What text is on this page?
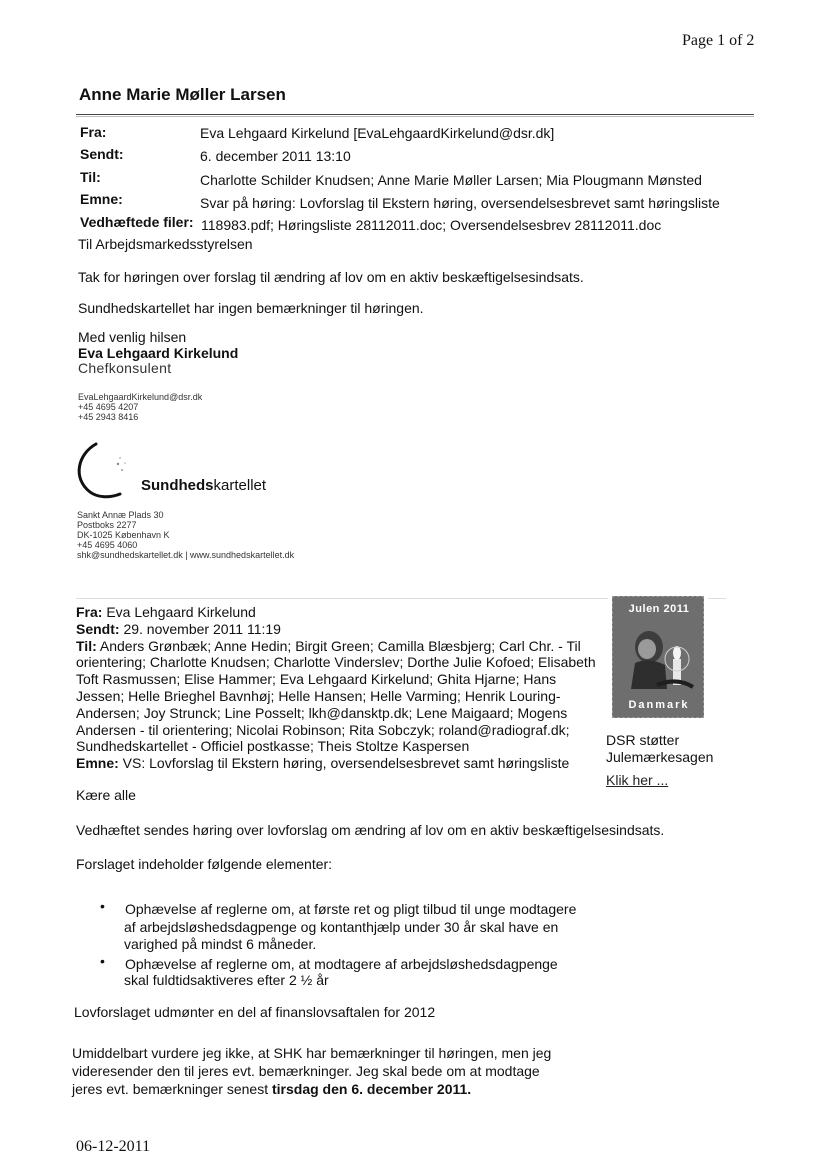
Page 1 of 2
Anne Marie Møller Larsen
Fra:	Eva Lehgaard Kirkelund [EvaLehgaardKirkelund@dsr.dk]
Sendt:	6. december 2011 13:10
Til:	Charlotte Schilder Knudsen; Anne Marie Møller Larsen; Mia Plougmann Mønsted
Emne:	Svar på høring: Lovforslag til Ekstern høring, oversendelsesbrevet samt høringsliste
Vedhæftede filer: 118983.pdf; Høringsliste 28112011.doc; Oversendelsesbrev 28112011.doc
Til Arbejdsmarkedsstyrelsen
Tak for høringen over forslag til ændring af lov om en aktiv beskæftigelsesindsats.
Sundhedskartellet har ingen bemærkninger til høringen.
Med venlig hilsen
Eva Lehgaard Kirkelund
Chefkonsulent
EvaLehgaardKirkelund@dsr.dk
+45 4695 4207
+45 2943 8416
Sundhedskartellet
Sankt Annæ Plads 30
Postboks 2277
DK-1025 København K
+45 4695 4060
shk@sundhedskartellet.dk | www.sundhedskartellet.dk
Fra: Eva Lehgaard Kirkelund
Sendt: 29. november 2011 11:19
Til: Anders Grønbæk; Anne Hedin; Birgit Green; Camilla Blæsbjerg; Carl Chr. - Til orientering; Charlotte Knudsen; Charlotte Vinderslev; Dorthe Julie Kofoed; Elisabeth Toft Rasmussen; Elise Hammer; Eva Lehgaard Kirkelund; Ghita Hjarne; Hans Jessen; Helle Brieghel Bavnhøj; Helle Hansen; Helle Varming; Henrik Louring-Andersen; Joy Strunck; Line Posselt; lkh@dansktp.dk; Lene Maigaard; Mogens Andersen - til orientering; Nicolai Robinson; Rita Sobczyk; roland@radiograf.dk; Sundhedskartellet - Officiel postkasse; Theis Stoltze Kaspersen
Emne: VS: Lovforslag til Ekstern høring, oversendelsesbrevet samt høringsliste
Julen 2011
Danmark
DSR støtter
Julemærkesagen
Klik her ...
Kære alle
Vedhæftet sendes høring over lovforslag om ændring af lov om en aktiv beskæftigelsesindsats.
Forslaget indeholder følgende elementer:
• Ophævelse af reglerne om, at første ret og pligt tilbud til unge modtagere
af arbejdsløshedsdagpenge og kontanthjælp under 30 år skal have en
varighed på mindst 6 måneder.
• Ophævelse af reglerne om, at modtagere af arbejdsløshedsdagpenge
skal fuldtidsaktiveres efter 2 ½ år
Lovforslaget udmønter en del af finanslovsaftalen for 2012
Umiddelbart vurdere jeg ikke, at SHK har bemærkninger til høringen, men jeg
videresender den til jeres evt. bemærkninger. Jeg skal bede om at modtage
jeres evt. bemærkninger senest tirsdag den 6. december 2011.
06-12-2011
